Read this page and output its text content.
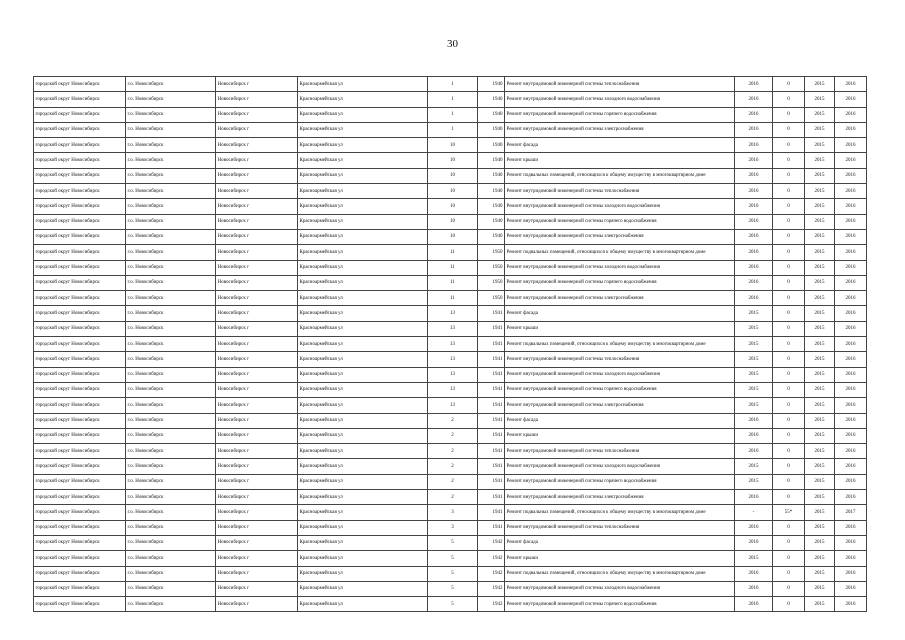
30
городской округ Новосибирск	г.о. Новосибирск	Новосибирск г	Красноармейская ул	1	1940	Ремонт внутридомовой инженерной системы теплоснабжения	2016	0	2015	2016
городской округ Новосибирск	г.о. Новосибирск	Новосибирск г	Красноармейская ул	1	1940	Ремонт внутридомовой инженерной системы холодного водоснабжения	2016	0	2015	2016
городской округ Новосибирск	г.о. Новосибирск	Новосибирск г	Красноармейская ул	1	1940	Ремонт внутридомовой инженерной системы горячего водоснабжения	2016	0	2015	2016
городской округ Новосибирск	г.о. Новосибирск	Новосибирск г	Красноармейская ул	1	1940	Ремонт внутридомовой инженерной системы электроснабжения	2016	0	2015	2016
городской округ Новосибирск	г.о. Новосибирск	Новосибирск г	Красноармейская ул	10	1940	Ремонт фасада	2016	0	2015	2016
городской округ Новосибирск	г.о. Новосибирск	Новосибирск г	Красноармейская ул	10	1940	Ремонт крыши	2016	0	2015	2016
городской округ Новосибирск	г.о. Новосибирск	Новосибирск г	Красноармейская ул	10	1940	Ремонт подвальных помещений, относящихся к общему имуществу в многоквартирном доме	2016	0	2015	2016
городской округ Новосибирск	г.о. Новосибирск	Новосибирск г	Красноармейская ул	10	1940	Ремонт внутридомовой инженерной системы теплоснабжения	2016	0	2015	2016
городской округ Новосибирск	г.о. Новосибирск	Новосибирск г	Красноармейская ул	10	1940	Ремонт внутридомовой инженерной системы холодного водоснабжения	2016	0	2015	2016
городской округ Новосибирск	г.о. Новосибирск	Новосибирск г	Красноармейская ул	10	1940	Ремонт внутридомовой инженерной системы горячего водоснабжения	2016	0	2015	2016
городской округ Новосибирск	г.о. Новосибирск	Новосибирск г	Красноармейская ул	10	1940	Ремонт внутридомовой инженерной системы электроснабжения	2016	0	2015	2016
городской округ Новосибирск	г.о. Новосибирск	Новосибирск г	Красноармейская ул	11	1950	Ремонт подвальных помещений, относящихся к общему имуществу в многоквартирном доме	2016	0	2015	2016
городской округ Новосибирск	г.о. Новосибирск	Новосибирск г	Красноармейская ул	11	1950	Ремонт внутридомовой инженерной системы холодного водоснабжения	2016	0	2015	2016
городской округ Новосибирск	г.о. Новосибирск	Новосибирск г	Красноармейская ул	11	1950	Ремонт внутридомовой инженерной системы горячего водоснабжения	2016	0	2015	2016
городской округ Новосибирск	г.о. Новосибирск	Новосибирск г	Красноармейская ул	11	1950	Ремонт внутридомовой инженерной системы электроснабжения	2016	0	2015	2016
городской округ Новосибирск	г.о. Новосибирск	Новосибирск г	Красноармейская ул	13	1941	Ремонт фасада	2015	0	2015	2016
городской округ Новосибирск	г.о. Новосибирск	Новосибирск г	Красноармейская ул	13	1941	Ремонт крыши	2015	0	2015	2016
городской округ Новосибирск	г.о. Новосибирск	Новосибирск г	Красноармейская ул	13	1941	Ремонт подвальных помещений, относящихся к общему имуществу в многоквартирном доме	2015	0	2015	2016
городской округ Новосибирск	г.о. Новосибирск	Новосибирск г	Красноармейская ул	13	1941	Ремонт внутридомовой инженерной системы теплоснабжения	2015	0	2015	2016
городской округ Новосибирск	г.о. Новосибирск	Новосибирск г	Красноармейская ул	13	1941	Ремонт внутридомовой инженерной системы холодного водоснабжения	2015	0	2015	2016
городской округ Новосибирск	г.о. Новосибирск	Новосибирск г	Красноармейская ул	13	1941	Ремонт внутридомовой инженерной системы горячего водоснабжения	2015	0	2015	2016
городской округ Новосибирск	г.о. Новосибирск	Новосибирск г	Красноармейская ул	13	1941	Ремонт внутридомовой инженерной системы электроснабжения	2015	0	2015	2016
городской округ Новосибирск	г.о. Новосибирск	Новосибирск г	Красноармейская ул	2	1941	Ремонт фасада	2016	0	2015	2016
городской округ Новосибирск	г.о. Новосибирск	Новосибирск г	Красноармейская ул	2	1941	Ремонт крыши	2016	0	2015	2016
городской округ Новосибирск	г.о. Новосибирск	Новосибирск г	Красноармейская ул	2	1941	Ремонт внутридомовой инженерной системы теплоснабжения	2016	0	2015	2016
городской округ Новосибирск	г.о. Новосибирск	Новосибирск г	Красноармейская ул	2	1941	Ремонт внутридомовой инженерной системы холодного водоснабжения	2015	0	2015	2016
городской округ Новосибирск	г.о. Новосибирск	Новосибирск г	Красноармейская ул	2	1941	Ремонт внутридомовой инженерной системы горячего водоснабжения	2015	0	2015	2016
городской округ Новосибирск	г.о. Новосибирск	Новосибирск г	Красноармейская ул	2	1941	Ремонт внутридомовой инженерной системы электроснабжения	2016	0	2015	2016
городской округ Новосибирск	г.о. Новосибирск	Новосибирск г	Красноармейская ул	3	1941	Ремонт подвальных помещений, относящихся к общему имуществу в многоквартирном доме	-	55*	2015	2017
городской округ Новосибирск	г.о. Новосибирск	Новосибирск г	Красноармейская ул	3	1941	Ремонт внутридомовой инженерной системы теплоснабжения	2016	0	2015	2016
городской округ Новосибирск	г.о. Новосибирск	Новосибирск г	Красноармейская ул	5	1942	Ремонт фасада	2016	0	2015	2016
городской округ Новосибирск	г.о. Новосибирск	Новосибирск г	Красноармейская ул	5	1942	Ремонт крыши	2015	0	2015	2016
городской округ Новосибирск	г.о. Новосибирск	Новосибирск г	Красноармейская ул	5	1942	Ремонт подвальных помещений, относящихся к общему имуществу в многоквартирном доме	2016	0	2015	2016
городской округ Новосибирск	г.о. Новосибирск	Новосибирск г	Красноармейская ул	5	1942	Ремонт внутридомовой инженерной системы холодного водоснабжения	2016	0	2015	2016
городской округ Новосибирск	г.о. Новосибирск	Новосибирск г	Красноармейская ул	5	1942	Ремонт внутридомовой инженерной системы горячего водоснабжения	2016	0	2015	2016
